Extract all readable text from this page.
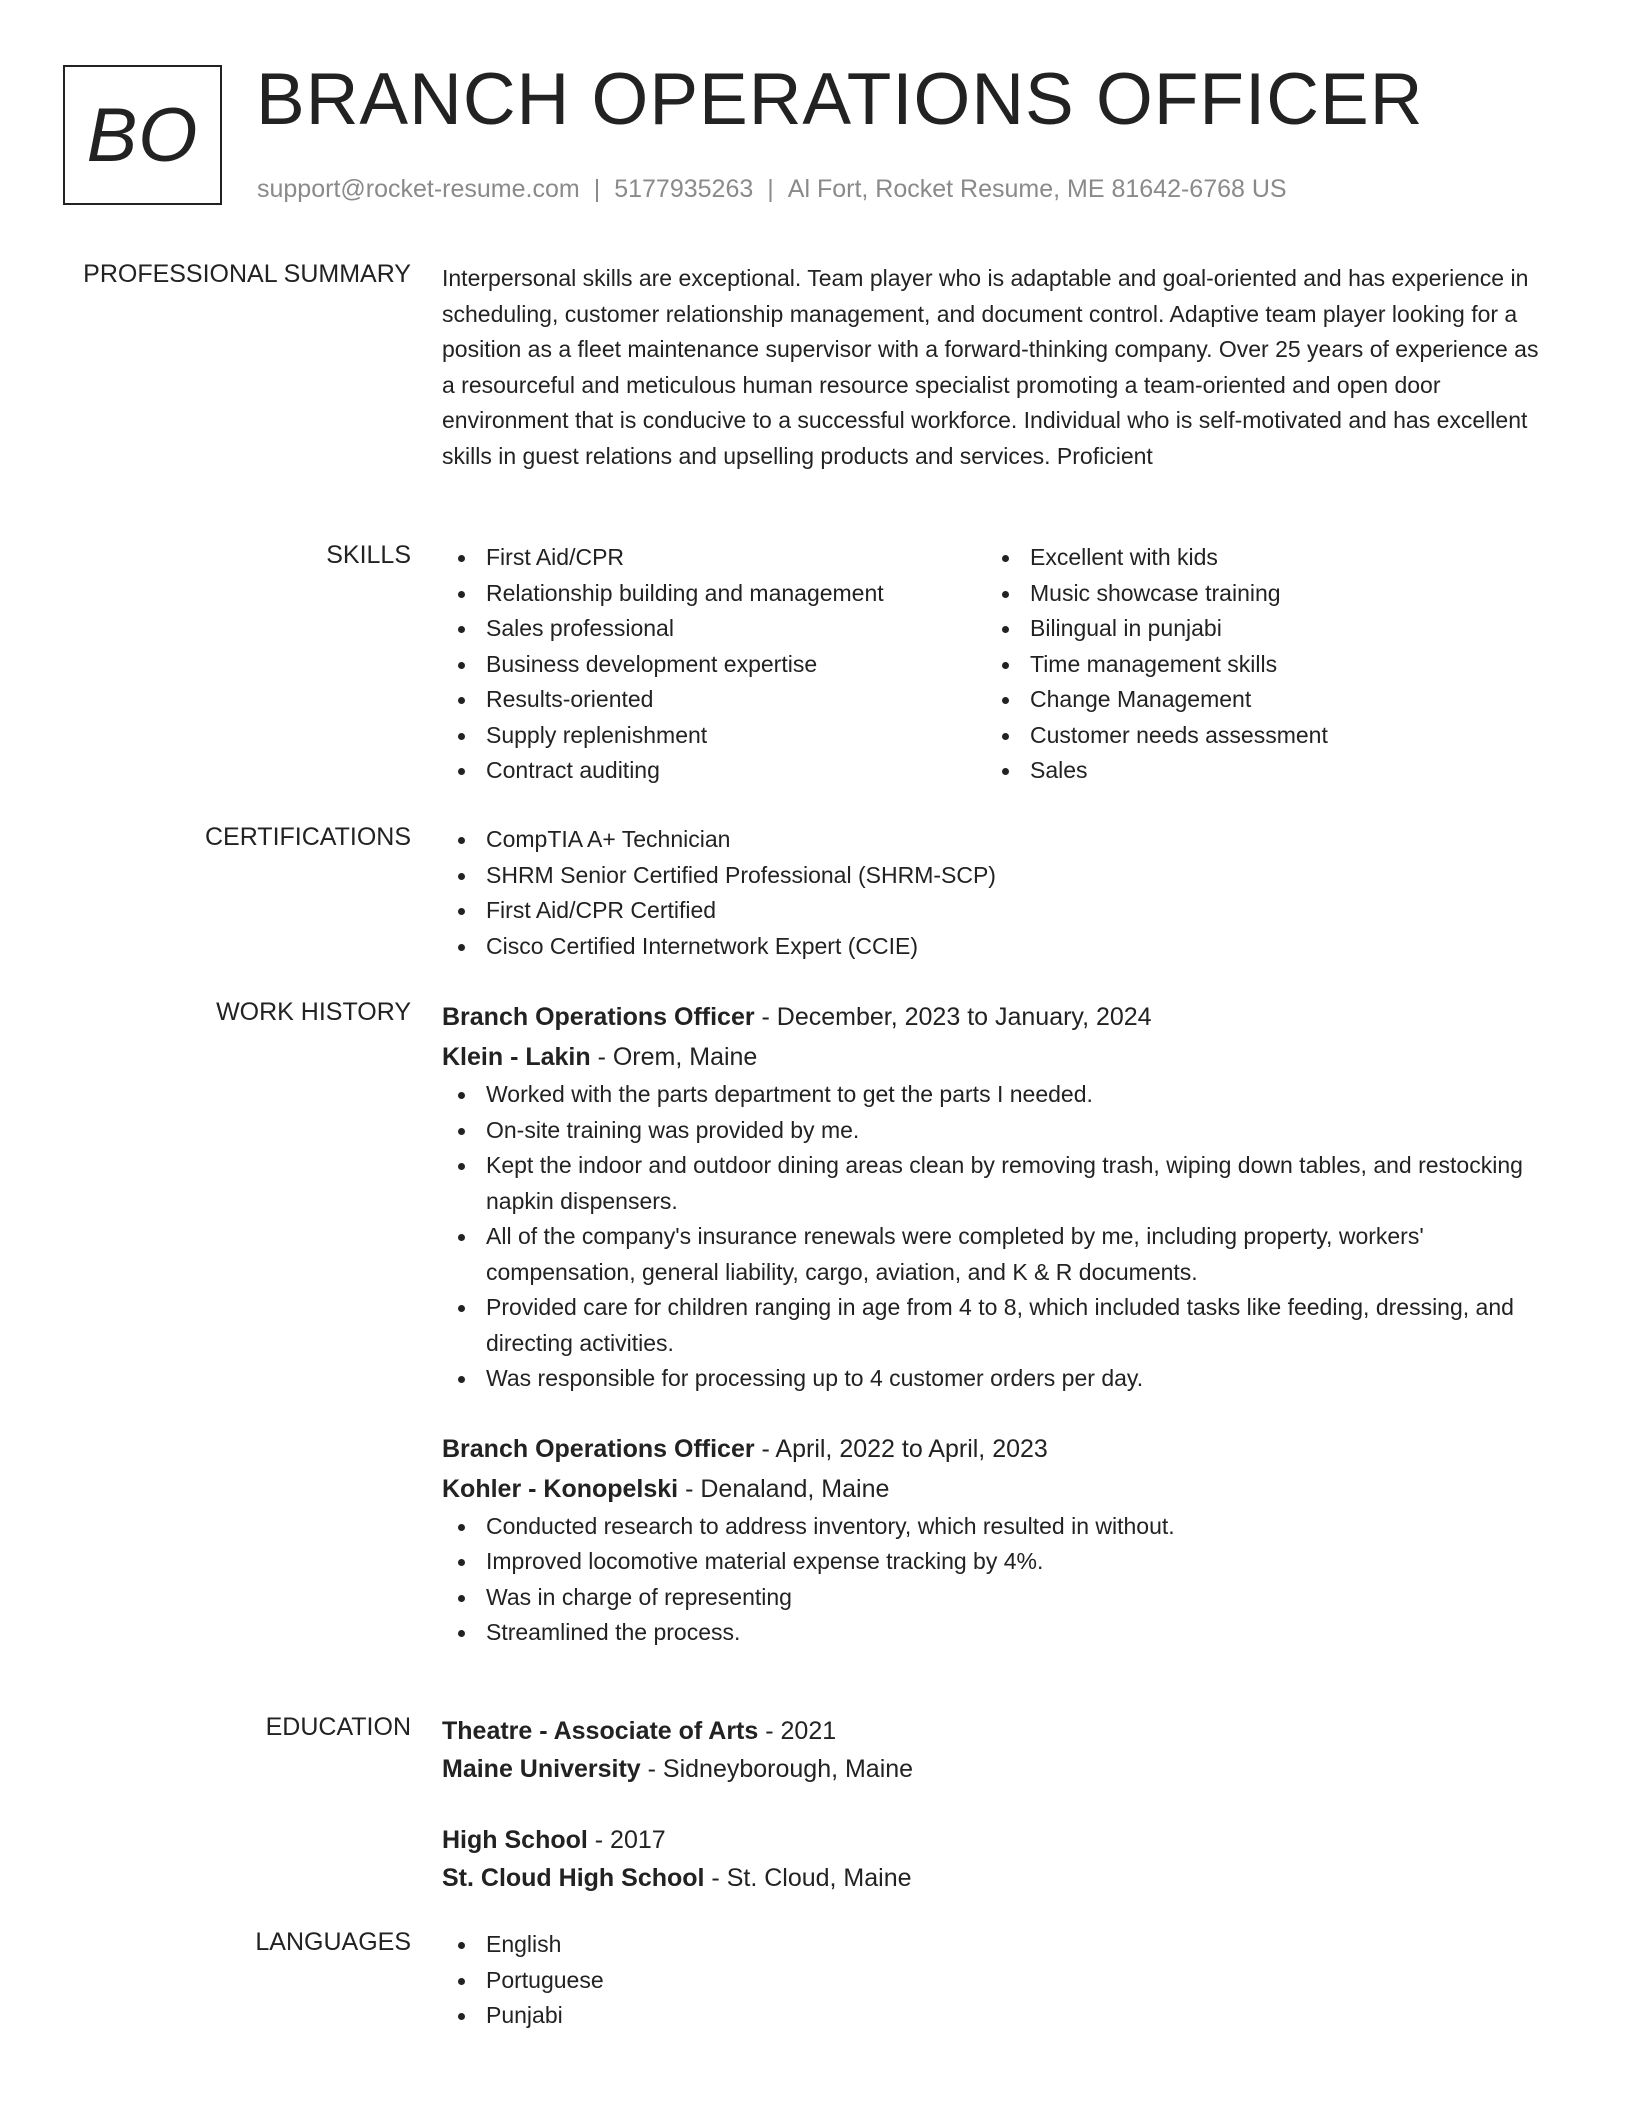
BO BRANCH OPERATIONS OFFICER
support@rocket-resume.com | 5177935263 | Al Fort, Rocket Resume, ME 81642-6768 US
PROFESSIONAL SUMMARY Interpersonal skills are exceptional. Team player who is adaptable and goal-oriented and has experience in scheduling, customer relationship management, and document control. Adaptive team player looking for a position as a fleet maintenance supervisor with a forward-thinking company. Over 25 years of experience as a resourceful and meticulous human resource specialist promoting a team-oriented and open door environment that is conducive to a successful workforce. Individual who is self-motivated and has excellent skills in guest relations and upselling products and services. Proficient

SKILLS	First Aid/CPR
Relationship building and management
Sales professional
Business development expertise
Results-oriented
Supply replenishment
Contract auditing
Excellent with kids
Music showcase training
Bilingual in punjabi
Time management skills
Change Management
Customer needs assessment
Sales
CERTIFICATIONS	CompTIA A+ Technician
SHRM Senior Certified Professional (SHRM-SCP)
First Aid/CPR Certified
Cisco Certified Internetwork Expert (CCIE)
WORK HISTORY Branch Operations Officer - December, 2023 to January, 2024
Klein - Lakin - Orem, Maine
Worked with the parts department to get the parts I needed.
On-site training was provided by me.
Kept the indoor and outdoor dining areas clean by removing trash, wiping down tables, and restocking napkin dispensers.
All of the company's insurance renewals were completed by me, including property, workers' compensation, general liability, cargo, aviation, and K & R documents.
Provided care for children ranging in age from 4 to 8, which included tasks like feeding, dressing, and directing activities.
Was responsible for processing up to 4 customer orders per day.
Branch Operations Officer - April, 2022 to April, 2023
Kohler - Konopelski - Denaland, Maine
Conducted research to address inventory, which resulted in without.
Improved locomotive material expense tracking by 4%.
Was in charge of representing
Streamlined the process.
EDUCATION Theatre - Associate of Arts - 2021
Maine University - Sidneyborough, Maine
High School - 2017
St. Cloud High School - St. Cloud, Maine
LANGUAGES	English
Portuguese
Punjabi
